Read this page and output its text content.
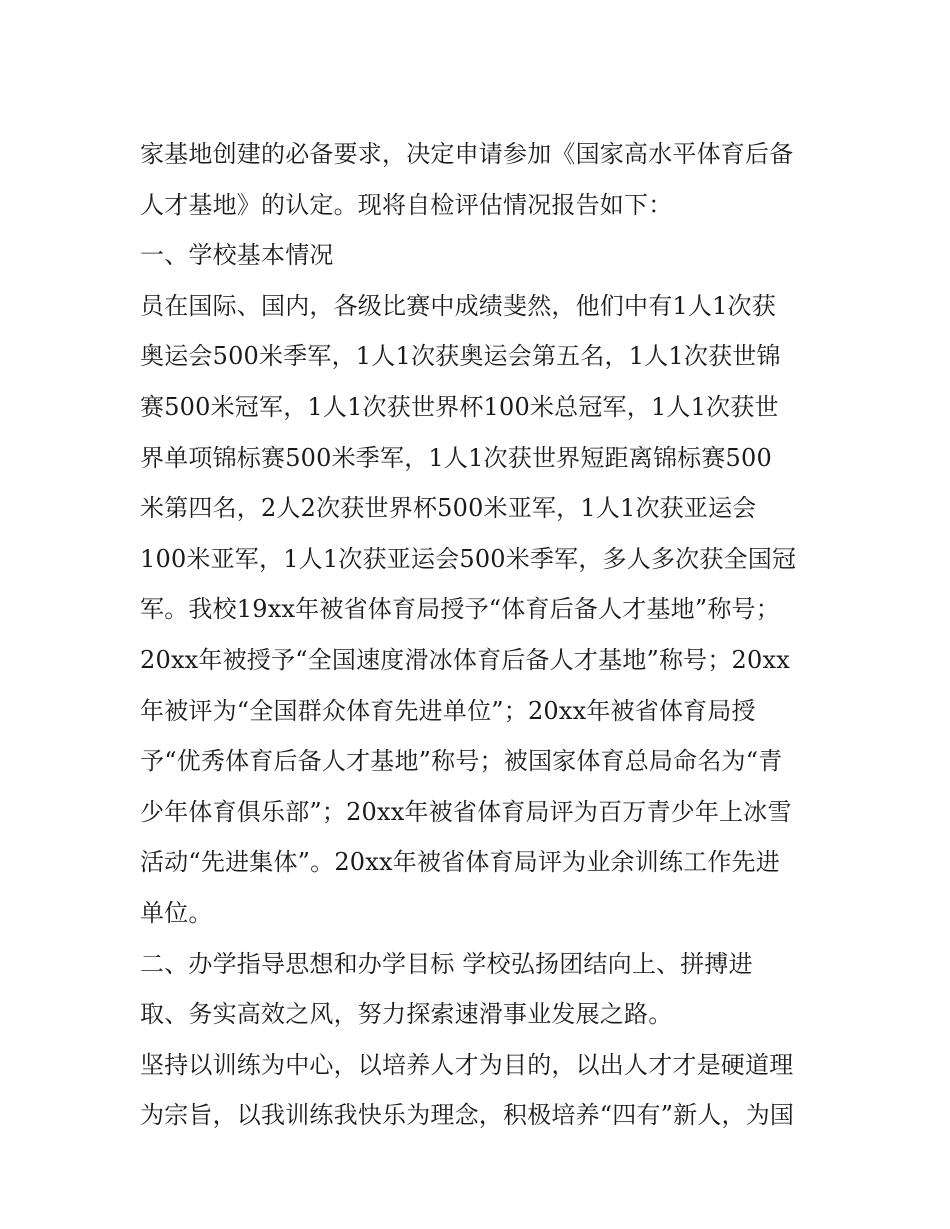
家基地创建的必备要求，决定申请参加《国家高水平体育后备
人才基地》的认定。现将自检评估情况报告如下：
一、学校基本情况
员在国际、国内，各级比赛中成绩斐然，他们中有1人1次获
奥运会500米季军，1人1次获奥运会第五名，1人1次获世锦
赛500米冠军，1人1次获世界杯100米总冠军，1人1次获世
界单项锦标赛500米季军，1人1次获世界短距离锦标赛500
米第四名，2人2次获世界杯500米亚军，1人1次获亚运会
100米亚军，1人1次获亚运会500米季军，多人多次获全国冠
军。我校19xx年被省体育局授予“体育后备人才基地”称号；
20xx年被授予“全国速度滑冰体育后备人才基地”称号；20xx
年被评为“全国群众体育先进单位”；20xx年被省体育局授
予“优秀体育后备人才基地”称号；被国家体育总局命名为“青
少年体育俱乐部”；20xx年被省体育局评为百万青少年上冰雪
活动“先进集体”。20xx年被省体育局评为业余训练工作先进
单位。
二、办学指导思想和办学目标 学校弘扬团结向上、拼搏进
取、务实高效之风，努力探索速滑事业发展之路。
坚持以训练为中心，以培养人才为目的，以出人才才是硬道理
为宗旨，以我训练我快乐为理念，积极培养“四有”新人，为国
